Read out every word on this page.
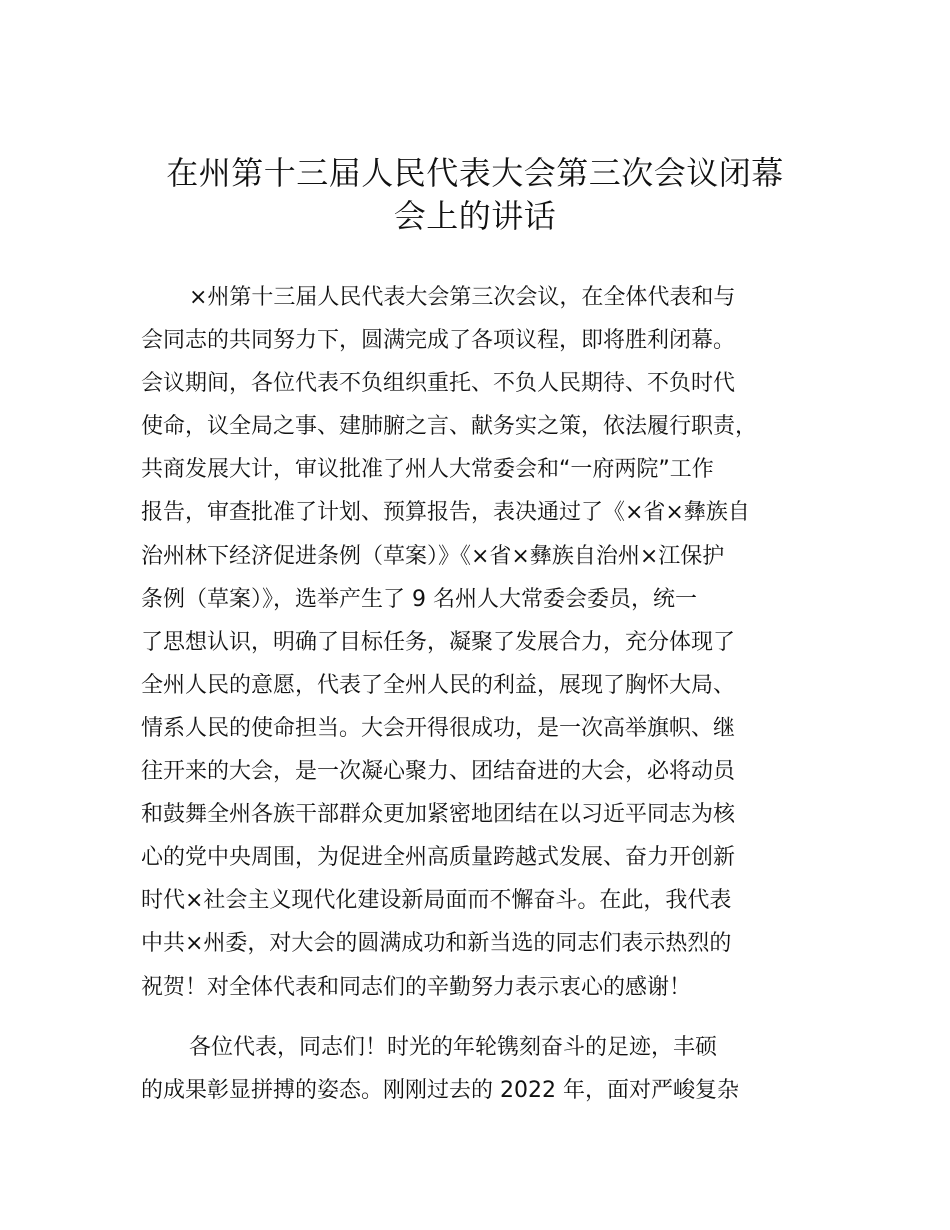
在州第十三届人民代表大会第三次会议闭幕
会上的讲话

×州第十三届人民代表大会第三次会议，在全体代表和与
会同志的共同努力下，圆满完成了各项议程，即将胜利闭幕。
会议期间，各位代表不负组织重托、不负人民期待、不负时代
使命，议全局之事、建肺腑之言、献务实之策，依法履行职责，
共商发展大计，审议批准了州人大常委会和“一府两院”工作
报告，审查批准了计划、预算报告，表决通过了《×省×彝族自
治州林下经济促进条例（草案）》《×省×彝族自治州×江保护
条例（草案）》，选举产生了 9 名州人大常委会委员，统一
了思想认识，明确了目标任务，凝聚了发展合力，充分体现了
全州人民的意愿，代表了全州人民的利益，展现了胸怀大局、
情系人民的使命担当。大会开得很成功，是一次高举旗帜、继
往开来的大会，是一次凝心聚力、团结奋进的大会，必将动员
和鼓舞全州各族干部群众更加紧密地团结在以习近平同志为核
心的党中央周围，为促进全州高质量跨越式发展、奋力开创新
时代×社会主义现代化建设新局面而不懈奋斗。在此，我代表
中共×州委，对大会的圆满成功和新当选的同志们表示热烈的
祝贺！对全体代表和同志们的辛勤努力表示衷心的感谢！

各位代表，同志们！时光的年轮镌刻奋斗的足迹，丰硕
的成果彰显拼搏的姿态。刚刚过去的 2022 年，面对严峻复杂
